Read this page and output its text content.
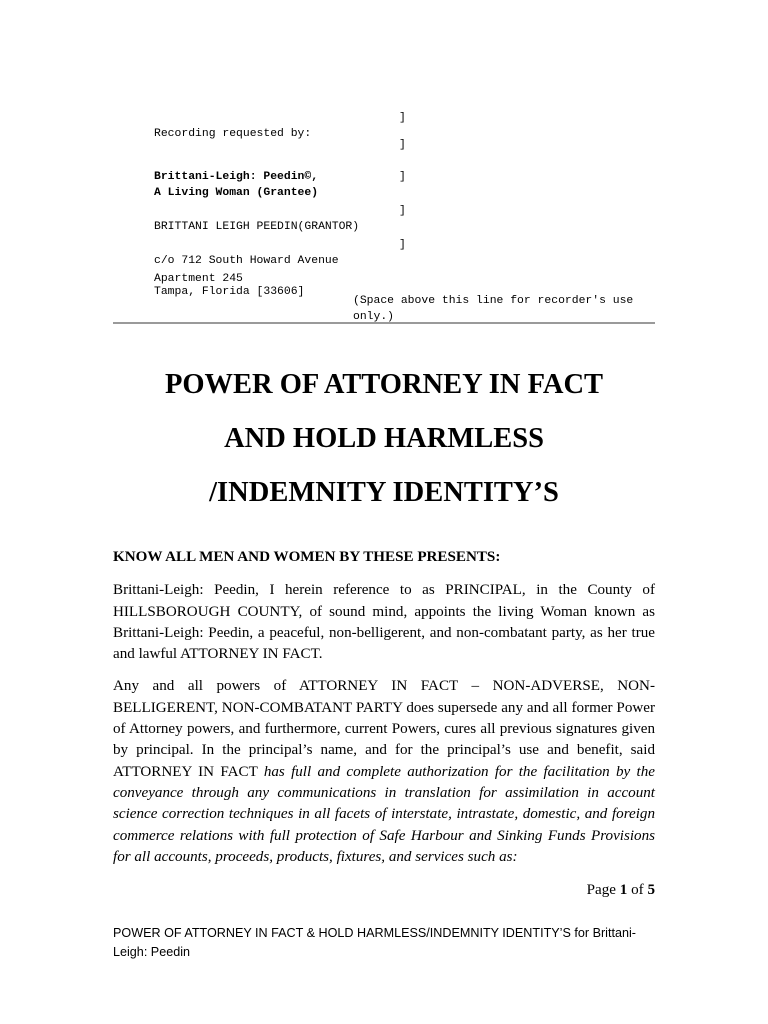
Recording requested by:

]

]

Brittani-Leigh: Peedin©,

A Living Woman (Grantee)

]

BRITTANI LEIGH PEEDIN(GRANTOR)

]

c/o 712 South Howard Avenue

]

Apartment 245

Tampa, Florida [33606]

(Space above this line for recorder's use only.)
POWER OF ATTORNEY IN FACT
AND HOLD HARMLESS
/INDEMNITY IDENTITY’S
KNOW ALL MEN AND WOMEN BY THESE PRESENTS:

Brittani-Leigh: Peedin, I herein reference to as PRINCIPAL, in the County of HILLSBOROUGH COUNTY, of sound mind, appoints the living Woman known as Brittani-Leigh: Peedin, a peaceful, non-belligerent, and non-combatant party, as her true and lawful ATTORNEY IN FACT.

Any and all powers of ATTORNEY IN FACT – NON-ADVERSE, NON-BELLIGERENT, NON-COMBATANT PARTY does supersede any and all former Power of Attorney powers, and furthermore, current Powers, cures all previous signatures given by principal. In the principal’s name, and for the principal’s use and benefit, said ATTORNEY IN FACT has full and complete authorization for the facilitation by the conveyance through any communications in translation for assimilation in account science correction techniques in all facets of interstate, intrastate, domestic, and foreign commerce relations with full protection of Safe Harbour and Sinking Funds Provisions for all accounts, proceeds, products, fixtures, and services such as:

Page 1 of 5
POWER OF ATTORNEY IN FACT & HOLD HARMLESS/INDEMNITY IDENTITY’S for Brittani-Leigh: Peedin
